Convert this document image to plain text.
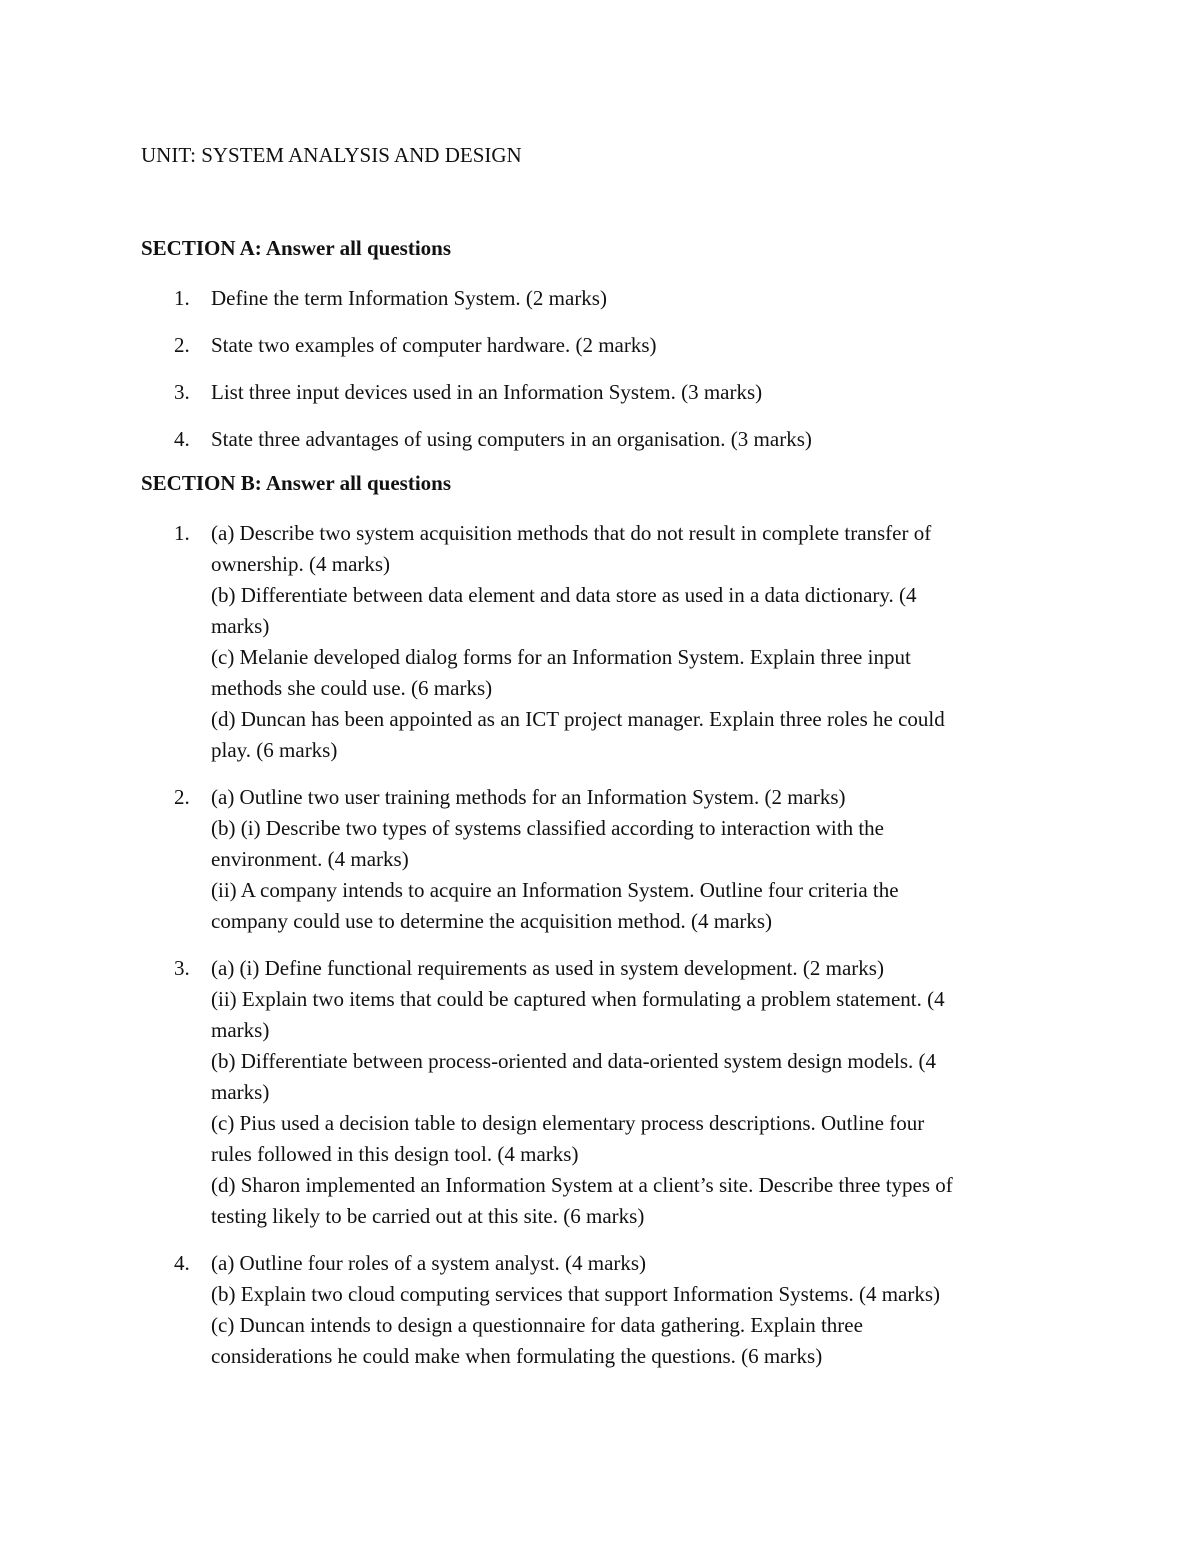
UNIT: SYSTEM ANALYSIS AND DESIGN
SECTION A: Answer all questions
1. Define the term Information System. (2 marks)
2. State two examples of computer hardware. (2 marks)
3. List three input devices used in an Information System. (3 marks)
4. State three advantages of using computers in an organisation. (3 marks)
SECTION B: Answer all questions
1. (a) Describe two system acquisition methods that do not result in complete transfer of
ownership. (4 marks)
(b) Differentiate between data element and data store as used in a data dictionary. (4
marks)
(c) Melanie developed dialog forms for an Information System. Explain three input
methods she could use. (6 marks)
(d) Duncan has been appointed as an ICT project manager. Explain three roles he could
play. (6 marks)
2. (a) Outline two user training methods for an Information System. (2 marks)
(b) (i) Describe two types of systems classified according to interaction with the
environment. (4 marks)
(ii) A company intends to acquire an Information System. Outline four criteria the
company could use to determine the acquisition method. (4 marks)
3. (a) (i) Define functional requirements as used in system development. (2 marks)
(ii) Explain two items that could be captured when formulating a problem statement. (4
marks)
(b) Differentiate between process-oriented and data-oriented system design models. (4
marks)
(c) Pius used a decision table to design elementary process descriptions. Outline four
rules followed in this design tool. (4 marks)
(d) Sharon implemented an Information System at a client’s site. Describe three types of
testing likely to be carried out at this site. (6 marks)
4. (a) Outline four roles of a system analyst. (4 marks)
(b) Explain two cloud computing services that support Information Systems. (4 marks)
(c) Duncan intends to design a questionnaire for data gathering. Explain three
considerations he could make when formulating the questions. (6 marks)
